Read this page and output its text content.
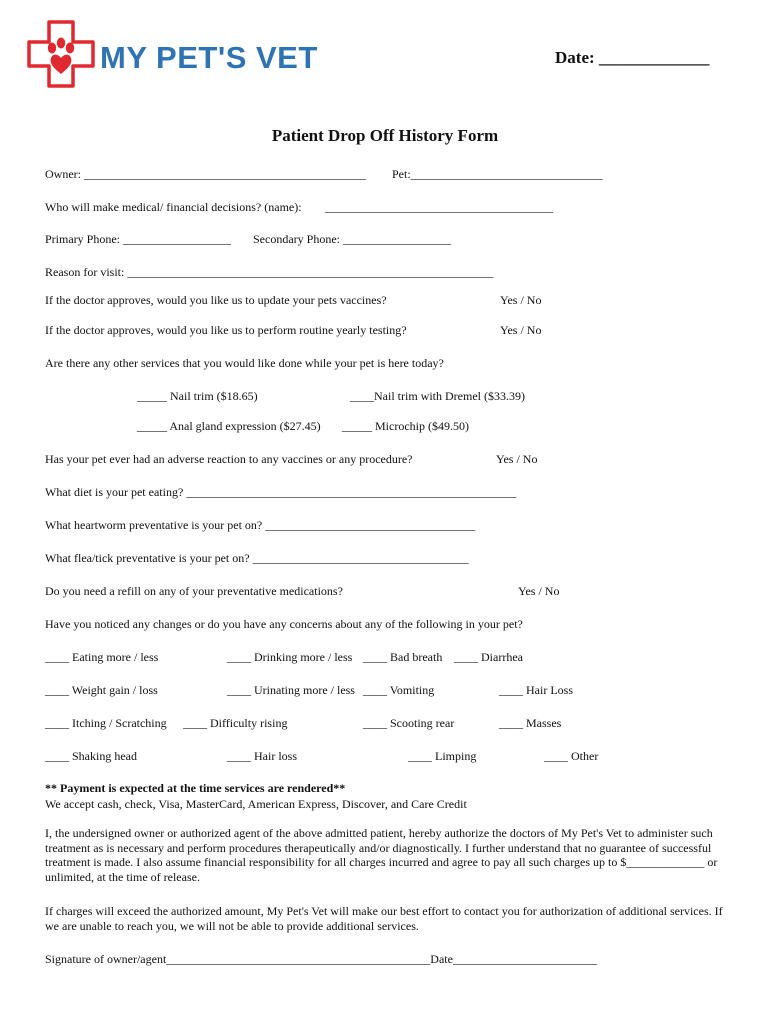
MY PET'S VET	Date: _____________
Patient Drop Off History Form
Owner: _______________________________________________ Pet:________________________________
Who will make medical/ financial decisions? (name): ______________________________________
Primary Phone: __________________ Secondary Phone: __________________
Reason for visit: _____________________________________________________________
If the doctor approves, would you like us to update your pets vaccines?	Yes / No
If the doctor approves, would you like us to perform routine yearly testing?	Yes / No
Are there any other services that you would like done while your pet is here today?
_____ Nail trim ($18.65)	____Nail trim with Dremel ($33.39)
_____ Anal gland expression ($27.45) _____ Microchip ($49.50)
Has your pet ever had an adverse reaction to any vaccines or any procedure?	Yes / No
What diet is your pet eating? _______________________________________________________
What heartworm preventative is your pet on? ___________________________________
What flea/tick preventative is your pet on? ____________________________________
Do you need a refill on any of your preventative medications?	Yes / No
Have you noticed any changes or do you have any concerns about any of the following in your pet?
____ Eating more / less	____ Drinking more / less ____ Bad breath ____ Diarrhea
____ Weight gain / loss	____ Urinating more / less ____ Vomiting	____ Hair Loss
____ Itching / Scratching ____ Difficulty rising	____ Scooting rear	____ Masses
____ Shaking head	____ Hair loss	____ Limping	____ Other
** Payment is expected at the time services are rendered**
We accept cash, check, Visa, MasterCard, American Express, Discover, and Care Credit
I, the undersigned owner or authorized agent of the above admitted patient, hereby authorize the doctors of My Pet's Vet to administer such treatment as is necessary and perform procedures therapeutically and/or diagnostically. I further understand that no guarantee of successful treatment is made. I also assume financial responsibility for all charges incurred and agree to pay all such charges up to $_____________ or unlimited, at the time of release.
If charges will exceed the authorized amount, My Pet's Vet will make our best effort to contact you for authorization of additional services. If we are unable to reach you, we will not be able to provide additional services.
Signature of owner/agent____________________________________________Date________________________
